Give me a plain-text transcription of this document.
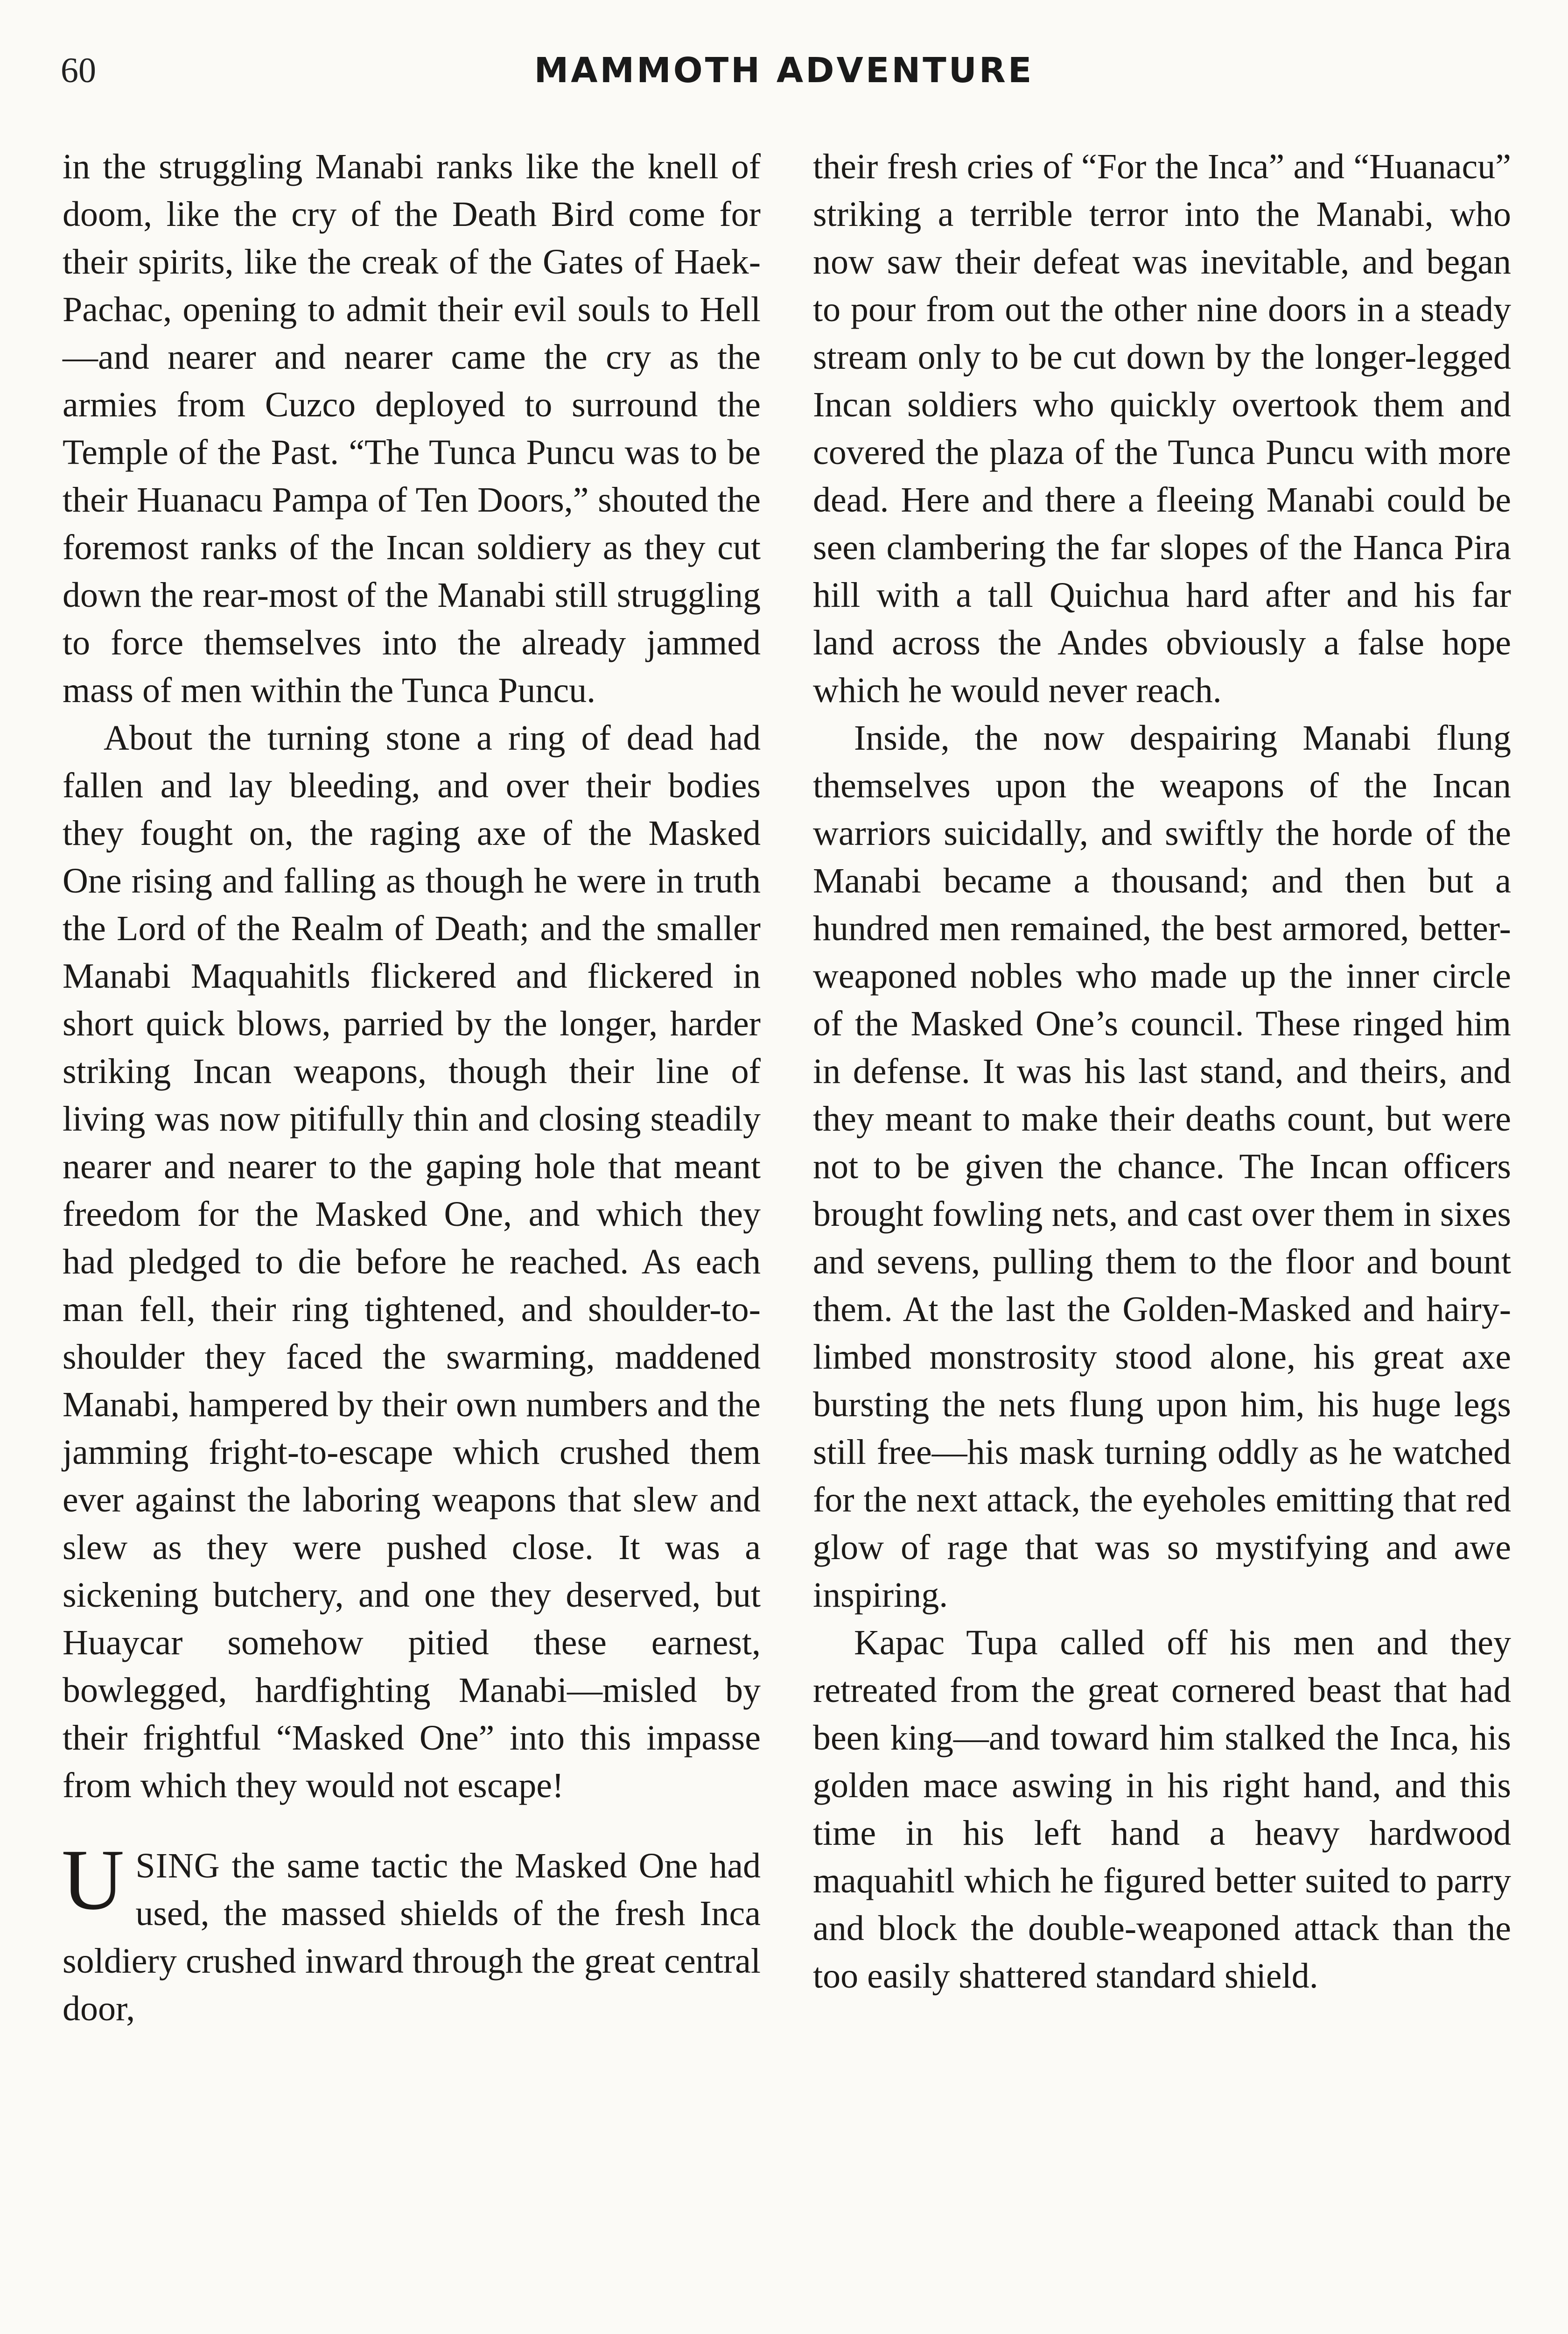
60	MAMMOTH ADVENTURE

in the struggling Manabi ranks like the knell of doom, like the cry of the Death Bird come for their spirits, like the creak of the Gates of Haek-Pachac, opening to admit their evil souls to Hell—and nearer and nearer came the cry as the armies from Cuzco deployed to surround the Temple of the Past. “The Tunca Puncu was to be their Huanacu Pampa of Ten Doors,” shouted the foremost ranks of the Incan soldiery as they cut down the rear-most of the Manabi still struggling to force themselves into the already jammed mass of men within the Tunca Puncu.

About the turning stone a ring of dead had fallen and lay bleeding, and over their bodies they fought on, the raging axe of the Masked One rising and falling as though he were in truth the Lord of the Realm of Death; and the smaller Manabi Maquahitls flickered and flickered in short quick blows, parried by the longer, harder striking Incan weapons, though their line of living was now pitifully thin and closing steadily nearer and nearer to the gaping hole that meant freedom for the Masked One, and which they had pledged to die before he reached. As each man fell, their ring tightened, and shoulder-to-shoulder they faced the swarming, maddened Manabi, hampered by their own numbers and the jamming fright-to-escape which crushed them ever against the laboring weapons that slew and slew as they were pushed close. It was a sickening butchery, and one they deserved, but Huaycar somehow pitied these earnest, bowlegged, hardfighting Manabi—misled by their frightful “Masked One” into this impasse from which they would not escape!

USING the same tactic the Masked One had used, the massed shields of the fresh Inca soldiery crushed inward through the great central door,

their fresh cries of “For the Inca” and “Huanacu” striking a terrible terror into the Manabi, who now saw their defeat was inevitable, and began to pour from out the other nine doors in a steady stream only to be cut down by the longer-legged Incan soldiers who quickly overtook them and covered the plaza of the Tunca Puncu with more dead. Here and there a fleeing Manabi could be seen clambering the far slopes of the Hanca Pira hill with a tall Quichua hard after and his far land across the Andes obviously a false hope which he would never reach.

Inside, the now despairing Manabi flung themselves upon the weapons of the Incan warriors suicidally, and swiftly the horde of the Manabi became a thousand; and then but a hundred men remained, the best armored, better-weaponed nobles who made up the inner circle of the Masked One’s council. These ringed him in defense. It was his last stand, and theirs, and they meant to make their deaths count, but were not to be given the chance. The Incan officers brought fowling nets, and cast over them in sixes and sevens, pulling them to the floor and bount them. At the last the Golden-Masked and hairy-limbed monstrosity stood alone, his great axe bursting the nets flung upon him, his huge legs still free—his mask turning oddly as he watched for the next attack, the eyeholes emitting that red glow of rage that was so mystifying and awe inspiring.

Kapac Tupa called off his men and they retreated from the great cornered beast that had been king—and toward him stalked the Inca, his golden mace aswing in his right hand, and this time in his left hand a heavy hardwood maquahitl which he figured better suited to parry and block the double-weaponed attack than the too easily shattered standard shield.
